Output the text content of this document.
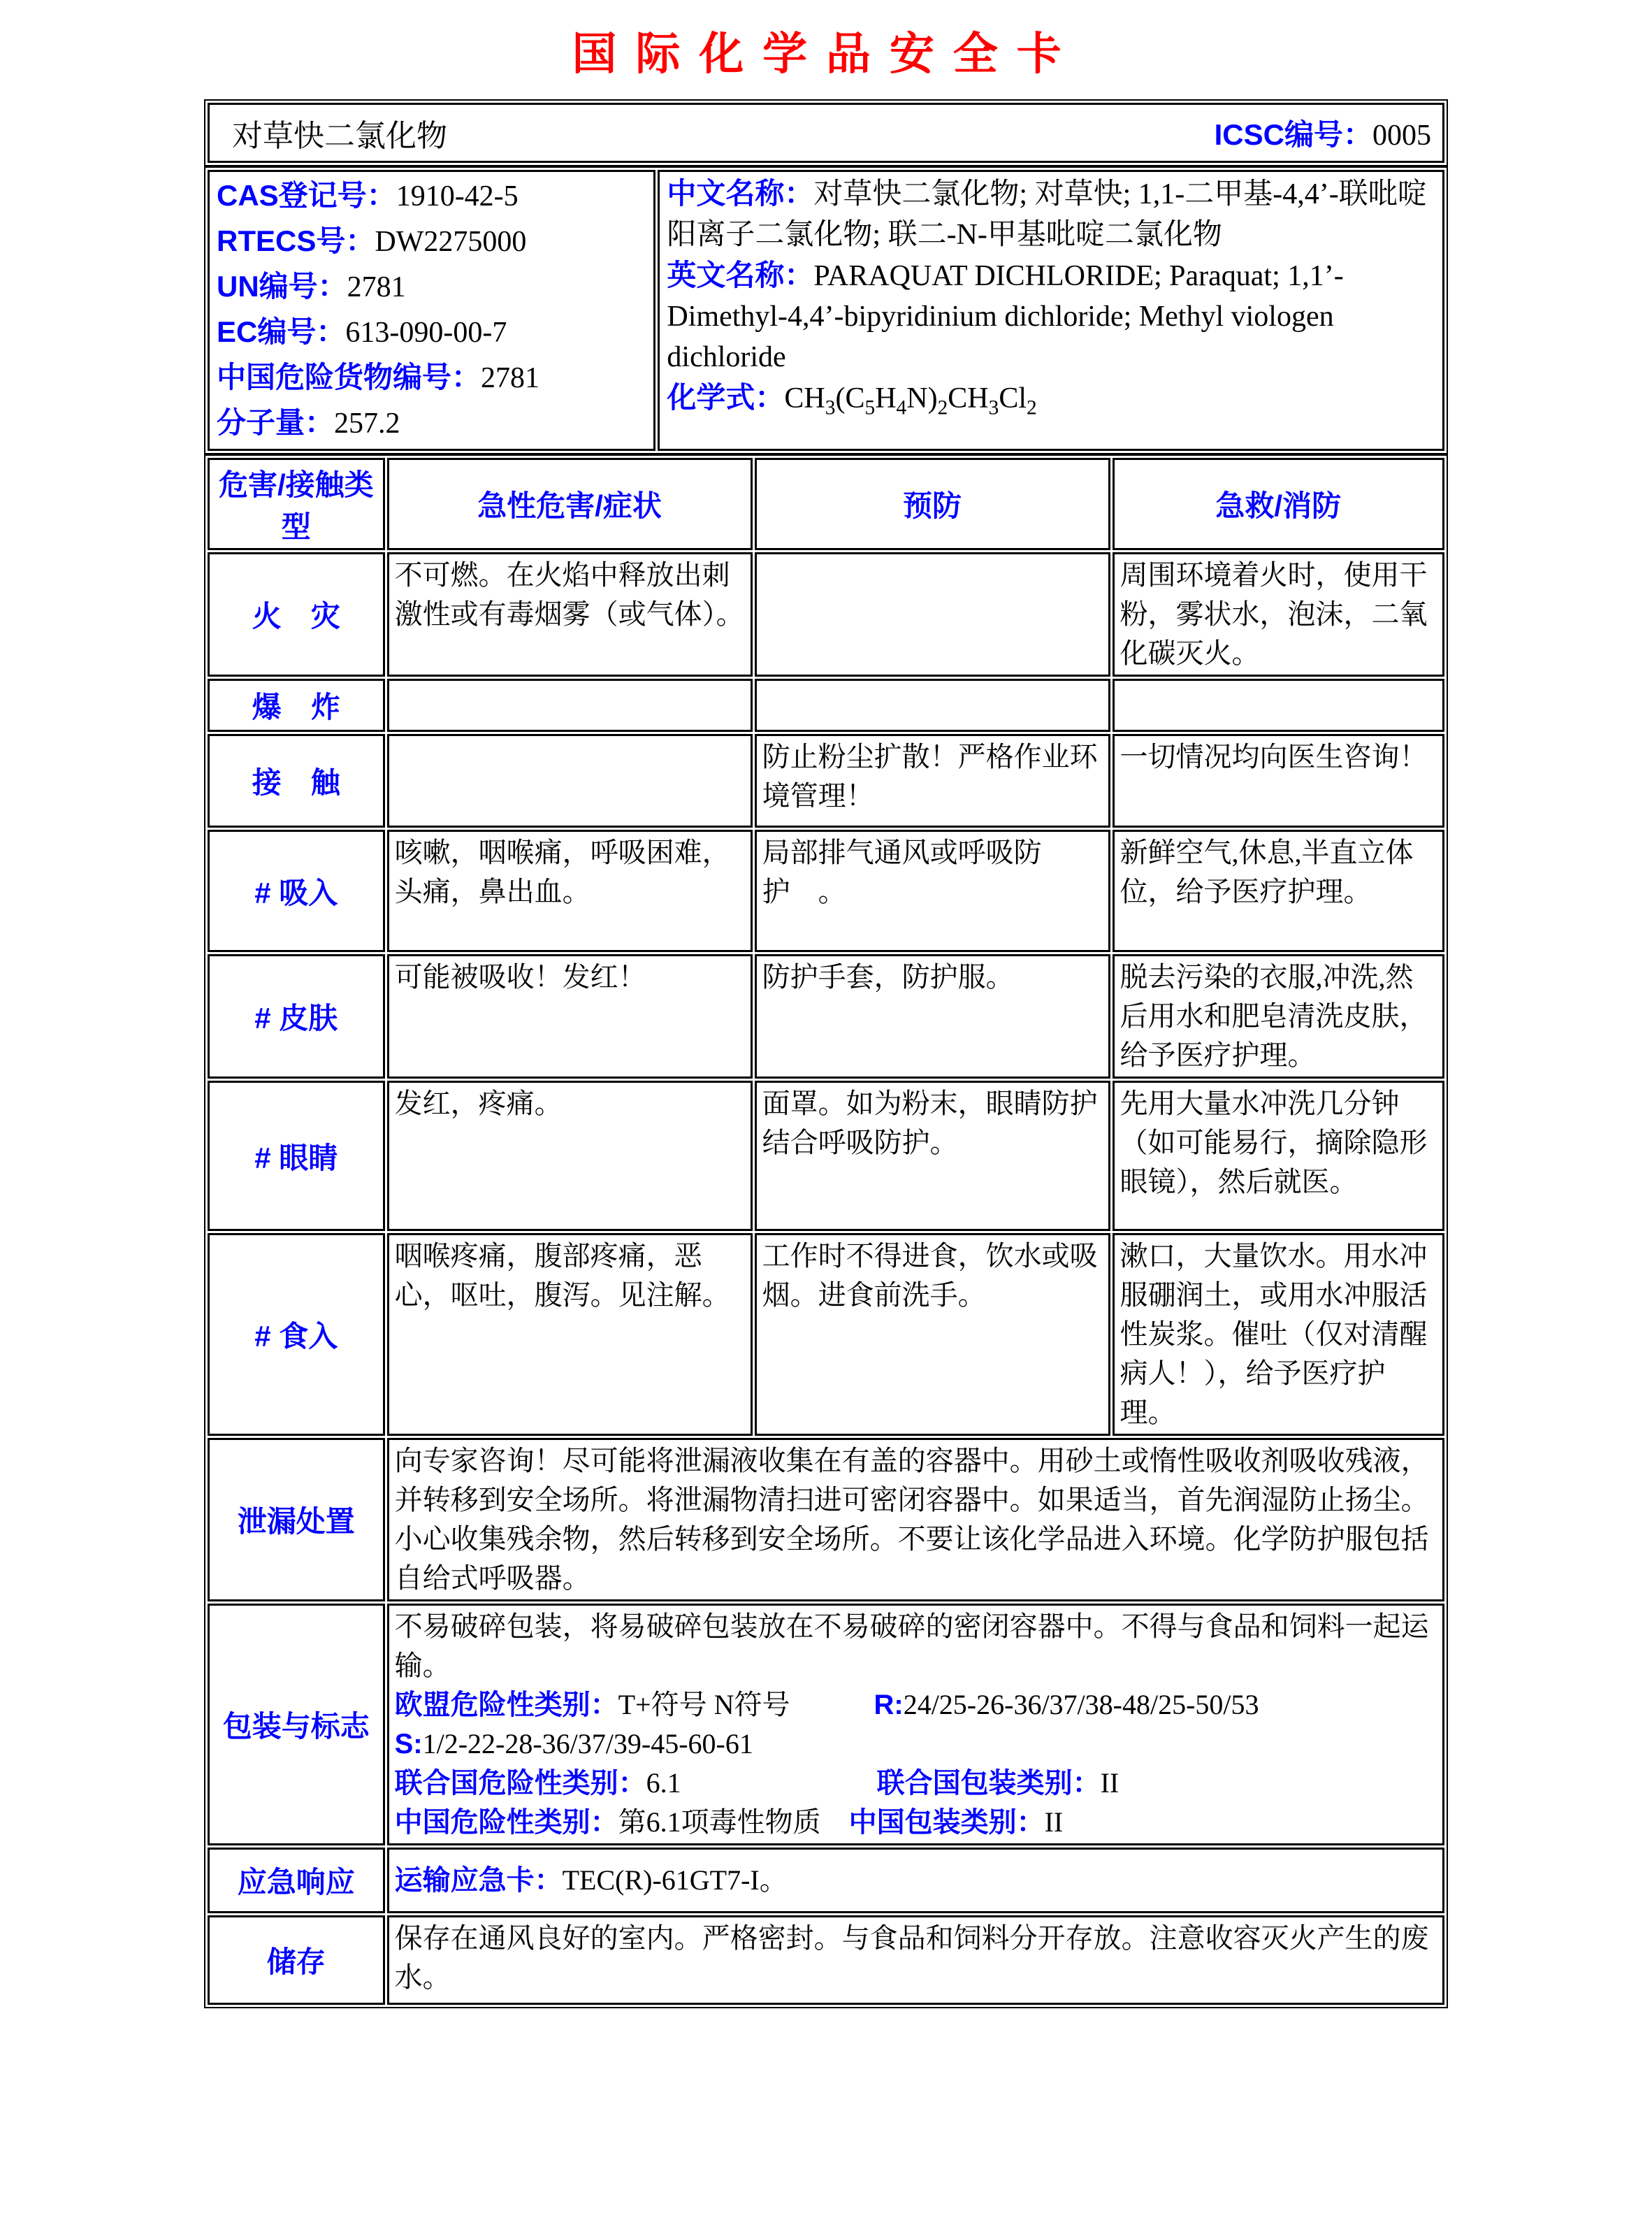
国际化学品安全卡
对草快二氯化物	ICSC编号：0005
CAS登记号：1910-42-5
RTECS号：DW2275000
UN编号：2781
EC编号：613-090-00-7
中国危险货物编号：2781
分子量：257.2
	中文名称：对草快二氯化物; 对草快; 1,1-二甲基-4,4’-联吡啶阳离子二氯化物; 联二-N-甲基吡啶二氯化物
英文名称：PARAQUAT DICHLORIDE; Paraquat; 1,1’-Dimethyl-4,4’-bipyridinium dichloride; Methyl viologen dichloride
化学式：$CH_3(C_5H_4N)_2CH_3Cl_2$
危害/接触类型	急性危害/症状	预防	急救/消防
火　灾	不可燃。在火焰中释放出刺激性或有毒烟雾（或气体）。		周围环境着火时，使用干粉，雾状水，泡沫，二氧化碳灭火。
爆　炸			
接　触		防止粉尘扩散！严格作业环境管理！	一切情况均向医生咨询！
# 吸入	咳嗽，咽喉痛，呼吸困难，头痛，鼻出血。	局部排气通风或呼吸防护　。	新鲜空气,休息,半直立体位，给予医疗护理。
# 皮肤	可能被吸收！发红！	防护手套，防护服。	脱去污染的衣服,冲洗,然后用水和肥皂清洗皮肤，给予医疗护理。
# 眼睛	发红，疼痛。	面罩。如为粉末，眼睛防护结合呼吸防护。	先用大量水冲洗几分钟（如可能易行，摘除隐形眼镜），然后就医。
# 食入	咽喉疼痛，腹部疼痛，恶心，呕吐，腹泻。见注解。	工作时不得进食，饮水或吸烟。进食前洗手。	漱口，大量饮水。用水冲服硼润土，或用水冲服活性炭浆。催吐（仅对清醒病人！），给予医疗护理。
泄漏处置	向专家咨询！尽可能将泄漏液收集在有盖的容器中。用砂土或惰性吸收剂吸收残液，并转移到安全场所。将泄漏物清扫进可密闭容器中。如果适当，首先润湿防止扬尘。小心收集残余物，然后转移到安全场所。不要让该化学品进入环境。化学防护服包括自给式呼吸器。		
包装与标志	不易破碎包装，将易破碎包装放在不易破碎的密闭容器中。不得与食品和饲料一起运输。
欧盟危险性类别：T+符号 N符号　　　R:24/25-26-36/37/38-48/25-50/53
S:1/2-22-28-36/37/39-45-60-61
联合国危险性类别：6.1　　　　　　　联合国包装类别：II
中国危险性类别：第6.1项毒性物质　中国包装类别：II		
应急响应	运输应急卡：TEC(R)-61GT7-I。		
储存	保存在通风良好的室内。严格密封。与食品和饲料分开存放。注意收容灭火产生的废水。		
